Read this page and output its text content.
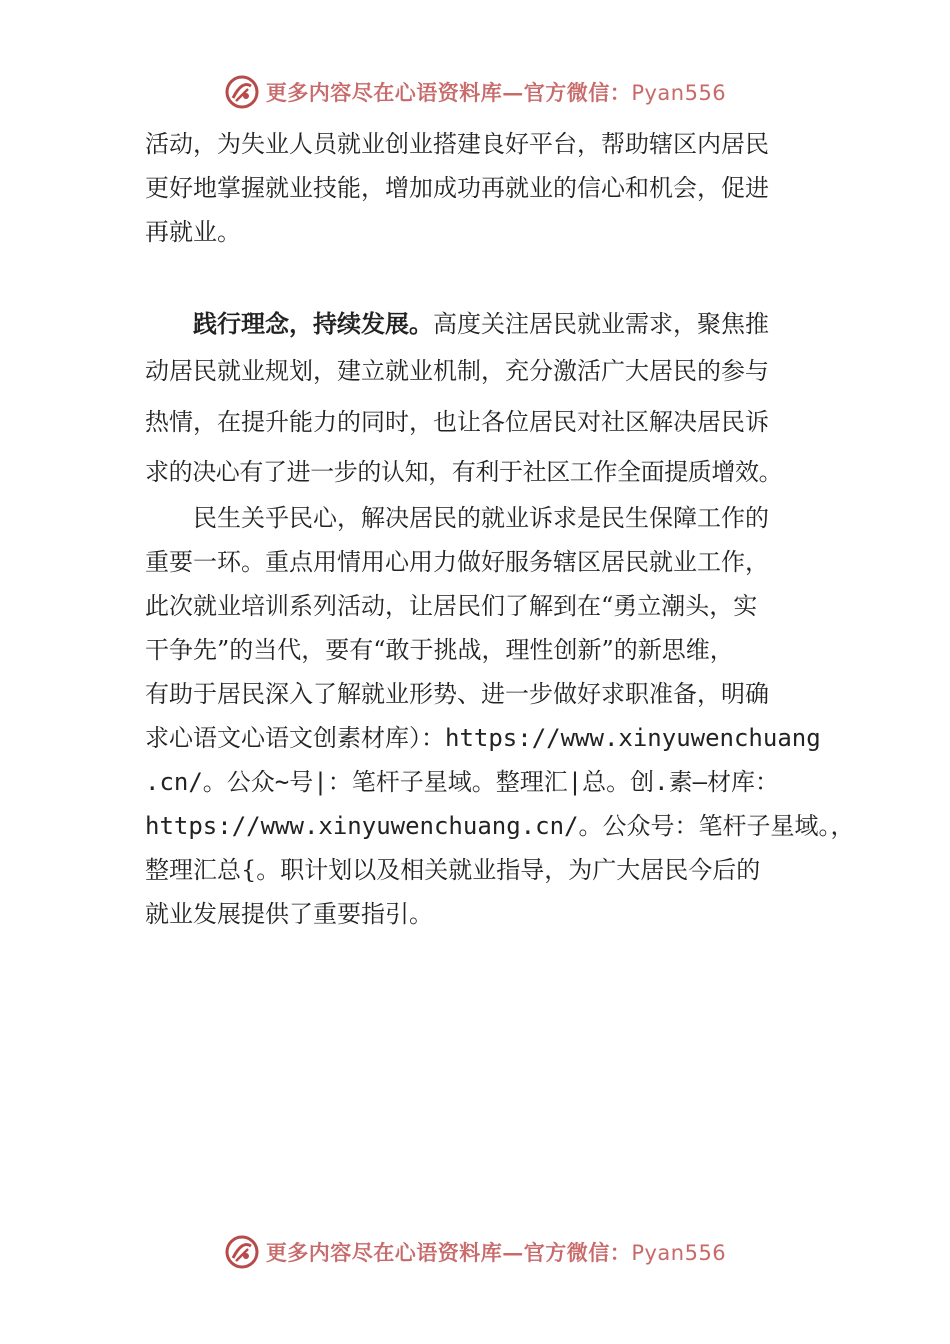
更多内容尽在心语资料库—官方微信：Pyan556
活动，为失业人员就业创业搭建良好平台，帮助辖区内居民
更好地掌握就业技能，增加成功再就业的信心和机会，促进
再就业。
践行理念，持续发展。高度关注居民就业需求，聚焦推
动居民就业规划，建立就业机制，充分激活广大居民的参与
热情，在提升能力的同时，也让各位居民对社区解决居民诉
求的决心有了进一步的认知，有利于社区工作全面提质增效。
民生关乎民心，解决居民的就业诉求是民生保障工作的
重要一环。重点用情用心用力做好服务辖区居民就业工作，
此次就业培训系列活动，让居民们了解到在“勇立潮头，实
干争先”的当代，要有“敢于挑战，理性创新”的新思维，
有助于居民深入了解就业形势、进一步做好求职准备，明确
求心语文心语文创素材库）：https://www.xinyuwenchuang
.cn/。公众~号|：笔杆子星域。整理汇|总。创.素—材库：
https://www.xinyuwenchuang.cn/。公众号：笔杆子星域。，
整理汇总{。职计划以及相关就业指导，为广大居民今后的
就业发展提供了重要指引。
更多内容尽在心语资料库—官方微信：Pyan556
